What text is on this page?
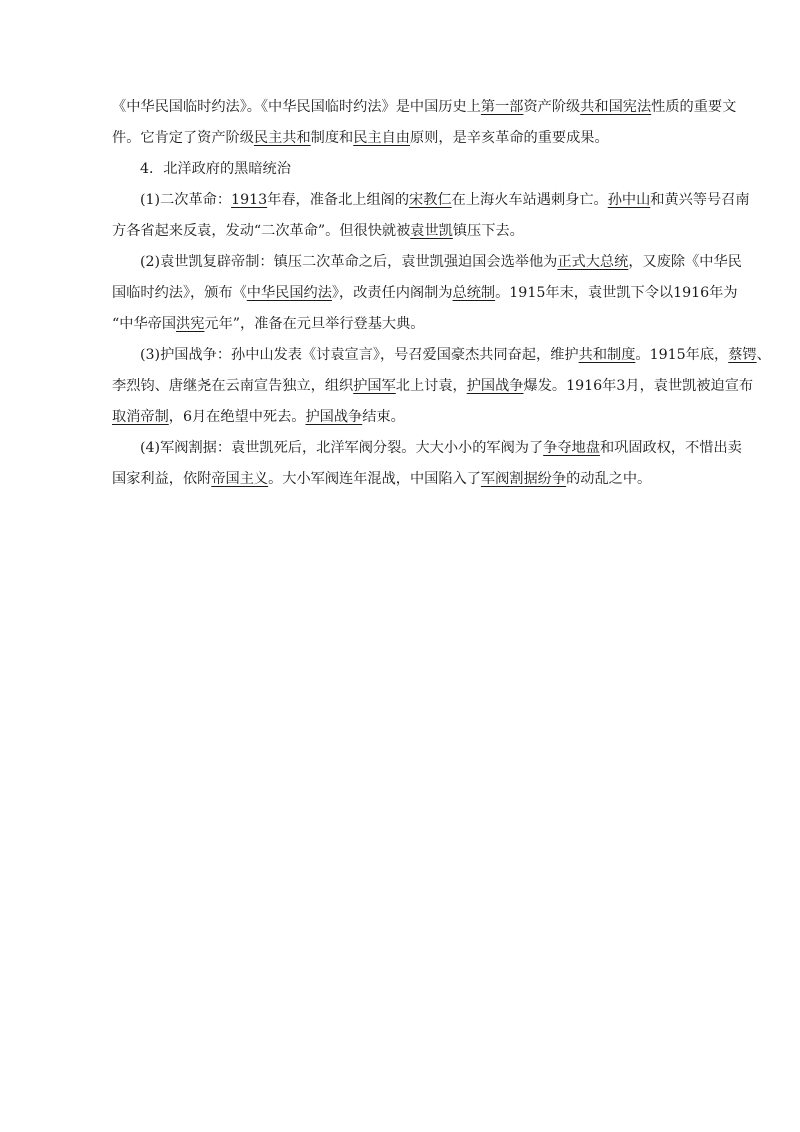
《中华民国临时约法》。《中华民国临时约法》是中国历史上第一部资产阶级共和国宪法性质的重要文

件。它肯定了资产阶级民主共和制度和民主自由原则，是辛亥革命的重要成果。

4．北洋政府的黑暗统治

(1)二次革命：1913年春，准备北上组阁的宋教仁在上海火车站遇刺身亡。孙中山和黄兴等号召南

方各省起来反袁，发动“二次革命”。但很快就被袁世凯镇压下去。

(2)袁世凯复辟帝制：镇压二次革命之后，袁世凯强迫国会选举他为正式大总统，又废除《中华民

国临时约法》，颁布《中华民国约法》，改责任内阁制为总统制。1915年末，袁世凯下令以1916年为

“中华帝国洪宪元年”，准备在元旦举行登基大典。

(3)护国战争：孙中山发表《讨袁宣言》，号召爱国豪杰共同奋起，维护共和制度。1915年底，蔡锷、

李烈钧、唐继尧在云南宣告独立，组织护国军北上讨袁，护国战争爆发。1916年3月，袁世凯被迫宣布

取消帝制，6月在绝望中死去。护国战争结束。

(4)军阀割据：袁世凯死后，北洋军阀分裂。大大小小的军阀为了争夺地盘和巩固政权，不惜出卖

国家利益，依附帝国主义。大小军阀连年混战，中国陷入了军阀割据纷争的动乱之中。
